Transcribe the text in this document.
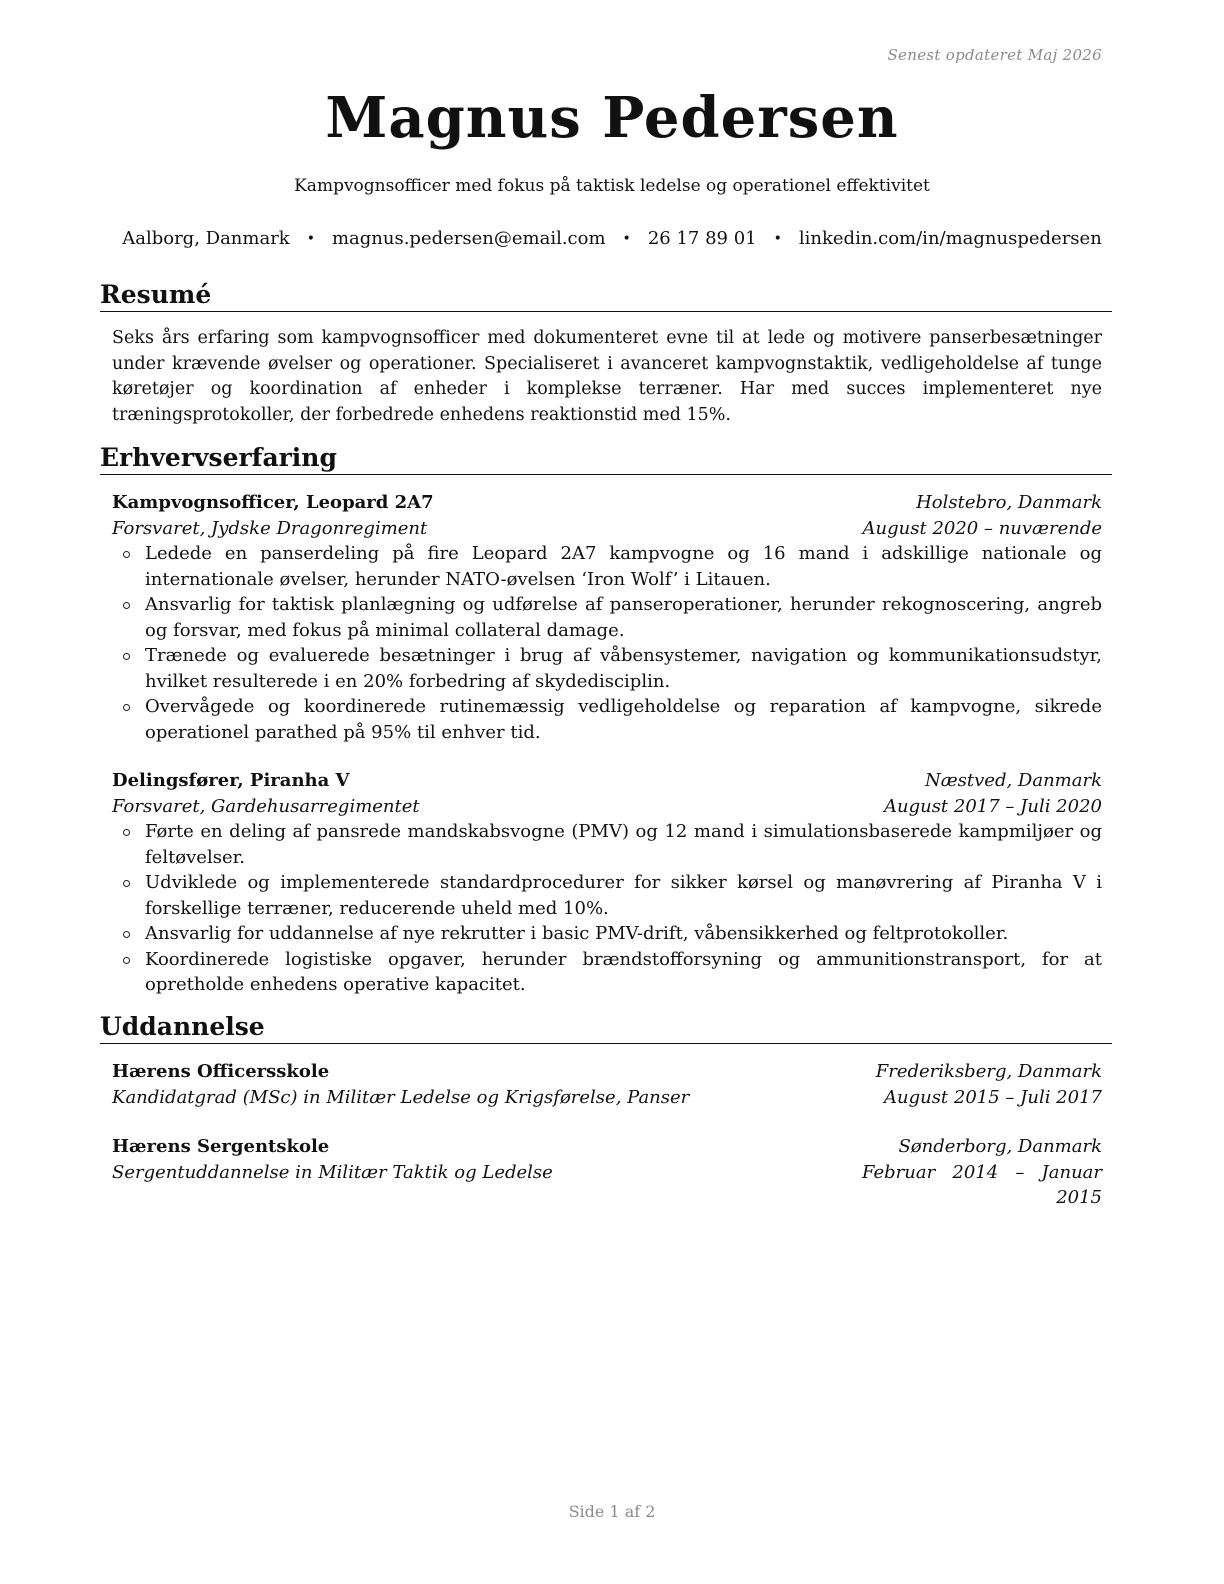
Senest opdateret Maj 2026
Magnus Pedersen
Kampvognsofficer med fokus på taktisk ledelse og operationel effektivitet
Aalborg, Danmark • magnus.pedersen@email.com • 26 17 89 01 • linkedin.com/in/magnuspedersen
Resumé
Seks års erfaring som kampvognsofficer med dokumenteret evne til at lede og motivere panserbesætninger under krævende øvelser og operationer. Specialiseret i avanceret kampvognstaktik, vedligeholdelse af tunge køretøjer og koordination af enheder i komplekse terræner. Har med succes implementeret nye træningsprotokoller, der forbedrede enhedens reaktionstid med 15%.
Erhvervserfaring
Kampvognsofficer, Leopard 2A7	Holstebro, Danmark
Forsvaret, Jydske Dragonregiment	August 2020 – nuværende
Ledede en panserdeling på fire Leopard 2A7 kampvogne og 16 mand i adskillige nationale og internationale øvelser, herunder NATO-øvelsen ‘Iron Wolf’ i Litauen.
Ansvarlig for taktisk planlægning og udførelse af panseroperationer, herunder rekognoscering, angreb og forsvar, med fokus på minimal collateral damage.
Trænede og evaluerede besætninger i brug af våbensystemer, navigation og kommunikationsudstyr, hvilket resulterede i en 20% forbedring af skydedisciplin.
Overvågede og koordinerede rutinemæssig vedligeholdelse og reparation af kampvogne, sikrede operationel parathed på 95% til enhver tid.
Delingsfører, Piranha V	Næstved, Danmark
Forsvaret, Gardehusarregimentet	August 2017 – Juli 2020
Førte en deling af pansrede mandskabsvogne (PMV) og 12 mand i simulationsbaserede kampmiljøer og feltøvelser.
Udviklede og implementerede standardprocedurer for sikker kørsel og manøvrering af Piranha V i forskellige terræner, reducerende uheld med 10%.
Ansvarlig for uddannelse af nye rekrutter i basic PMV-drift, våbensikkerhed og feltprotokoller.
Koordinerede logistiske opgaver, herunder brændstofforsyning og ammunitionstransport, for at opretholde enhedens operative kapacitet.
Uddannelse
Hærens Officersskole	Frederiksberg, Danmark
Kandidatgrad (MSc) in Militær Ledelse og Krigsførelse, Panser	August 2015 – Juli 2017
Hærens Sergentskole	Sønderborg, Danmark
Sergentuddannelse in Militær Taktik og Ledelse	Februar 2014 – Januar 2015
Side 1 af 2
